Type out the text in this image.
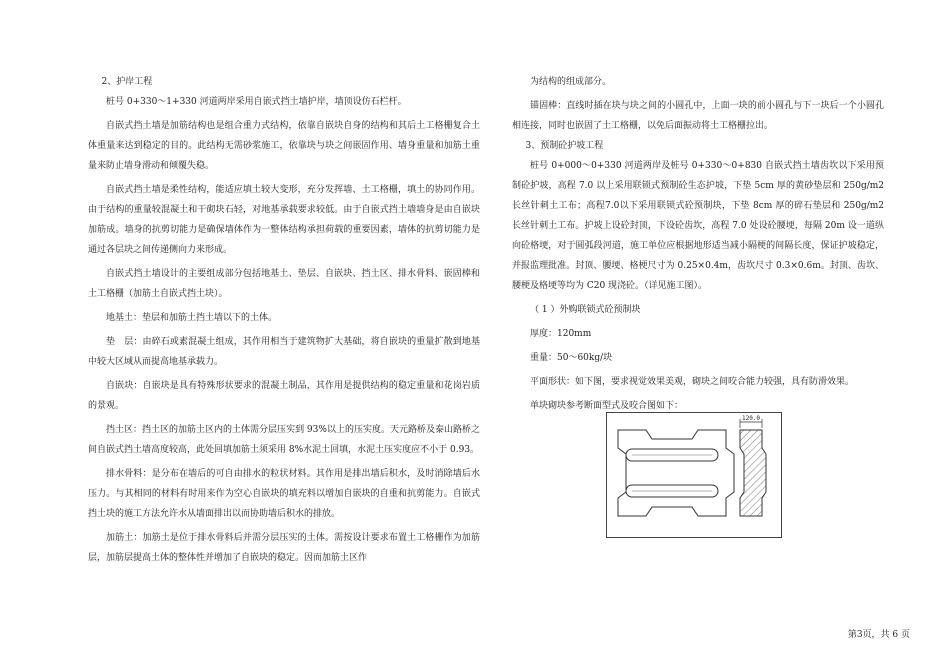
2、护岸工程

桩号 0+330～1+330 河道两岸采用自嵌式挡土墙护岸，墙顶设仿石栏杆。

自嵌式挡土墙是加筋结构也是组合重力式结构，依靠自嵌块自身的结构和其后土工格栅复合土体重量来达到稳定的目的。此结构无需砂浆施工，依靠块与块之间嵌固作用、墙身重量和加筋土重量来防止墙身滑动和倾覆失稳。

自嵌式挡土墙是柔性结构，能适应填土较大变形，充分发挥墙、土工格栅，填土的协同作用。由于结构的重量较混凝土和干砌块石轻，对地基承载要求较低。由于自嵌式挡土墙墙身是由自嵌块加筋成。墙身的抗剪切能力是确保墙体作为一整体结构承担荷载的重要因素，墙体的抗剪切能力是通过各层块之间传递侧向力来形成。

自嵌式挡土墙设计的主要组成部分包括地基土、垫层、自嵌块、挡土区、排水骨料、嵌固棒和土工格栅（加筋土自嵌式挡土块）。

地基土：垫层和加筋土挡土墙以下的土体。

垫　层：由碎石或素混凝土组成，其作用相当于建筑物扩大基础，将自嵌块的重量扩散到地基中较大区域从而提高地基承载力。

自嵌块：自嵌块是具有特殊形状要求的混凝土制品，其作用是提供结构的稳定重量和花岗岩质的景观。

挡土区：挡土区的加筋土区内的土体需分层压实到 93%以上的压实度。天元路桥及泰山路桥之间自嵌式挡土墙高度较高，此处回填加筋土须采用 8%水泥土回填，水泥土压实度应不小于 0.93。

排水骨料：是分布在墙后的可自由排水的粒状材料。其作用是排出墙后积水，及时消除墙后水压力。与其相同的材料有时用来作为空心自嵌块的填充料以增加自嵌块的自重和抗剪能力。自嵌式挡土块的施工方法允许水从墙面排出以而协助墙后积水的排放。

加筋土：加筋土是位于排水骨料后并需分层压实的土体。需按设计要求布置土工格栅作为加筋层，加筋层提高土体的整体性并增加了自嵌块的稳定。因而加筋土区作

为结构的组成部分。

锚固棒：直线时插在块与块之间的小圆孔中，上面一块的前小圆孔与下一块后一个小圆孔相连接，同时也嵌固了土工格栅，以免后面振动将土工格栅拉出。

3、预制砼护坡工程

桩号 0+000～0+330 河道两岸及桩号 0+330～0+830 自嵌式挡土墙齿坎以下采用预制砼护坡，高程 7.0 以上采用联锁式预制砼生态护坡，下垫 5cm 厚的黄砂垫层和 250g/m2 长丝针刺土工布；高程7.0以下采用联锁式砼预制块，下垫 8cm 厚的碎石垫层和 250g/m2 长丝针刺土工布。护坡上设砼封顶，下设砼齿坎，高程 7.0 处设砼腰埂，每隔 20m 设一道纵向砼格埂，对于圆弧段河道，施工单位应根据地形适当减小隔梗的间隔长度，保证护坡稳定，并报监理批准。封顶、腰埂、格梗尺寸为 0.25×0.4m，齿坎尺寸 0.3×0.6m。封顶、齿坎、腰梗及格埂等均为 C20 现浇砼。（详见施工图）。

（ 1 ）外购联锁式砼预制块

厚度：120mm

重量：50～60kg/块

平面形状：如下图，要求视觉效果美观，砌块之间咬合能力较强，具有防滑效果。

单块砌块参考断面型式及咬合图如下：

120.0
第3页，共 6 页
